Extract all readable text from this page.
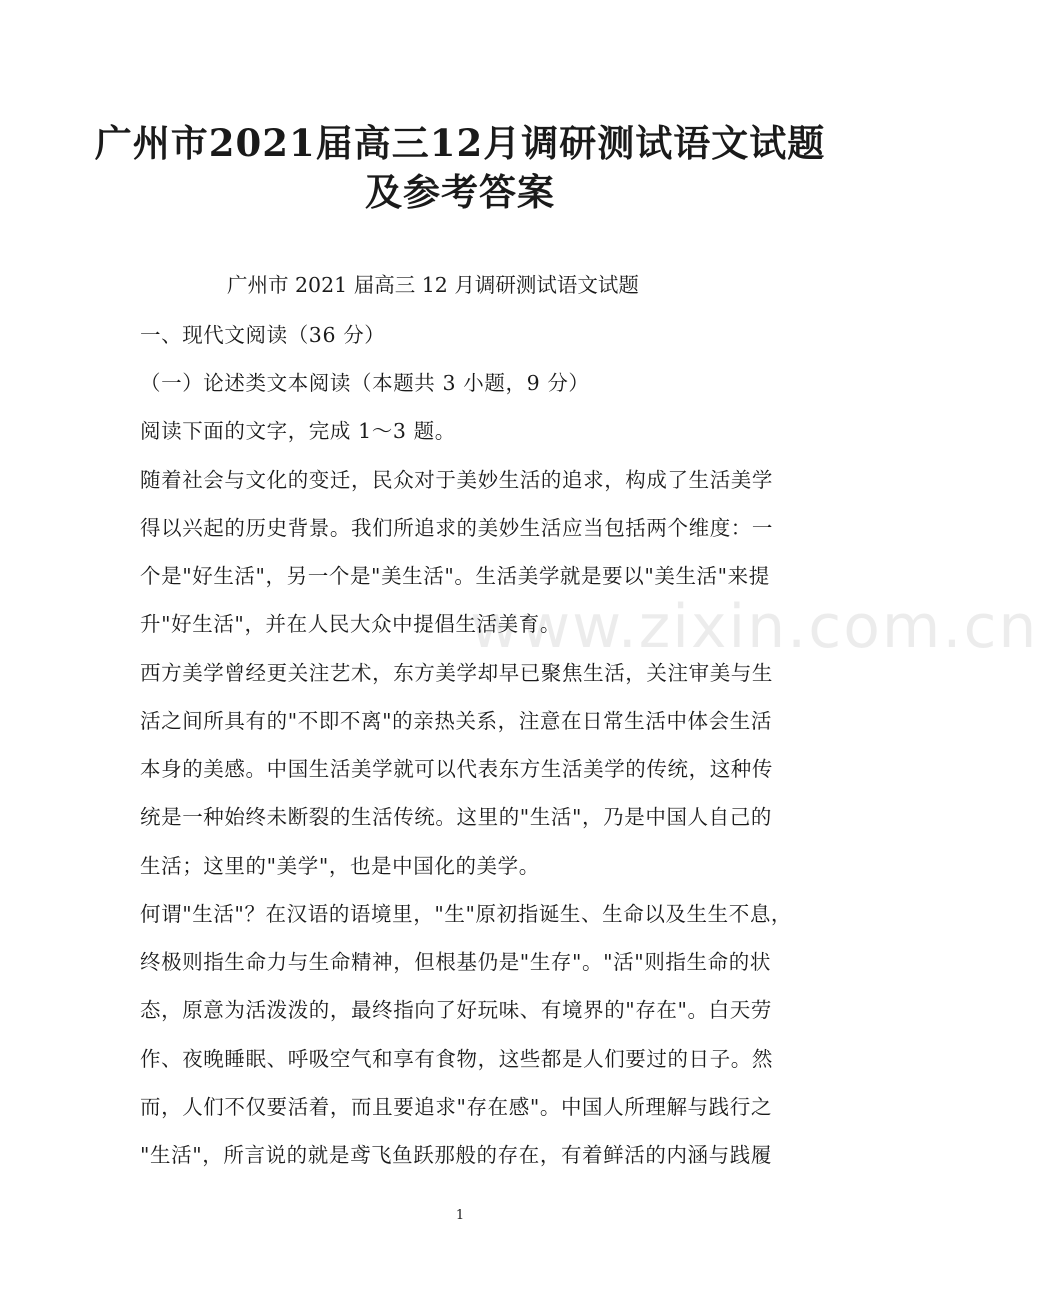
广州市2021届高三12月调研测试语文试题
及参考答案
广州市 2021 届高三 12 月调研测试语文试题
一、现代文阅读（36 分）
（一）论述类文本阅读（本题共 3 小题，9 分）
阅读下面的文字，完成 1～3 题。
随着社会与文化的变迁，民众对于美妙生活的追求，构成了生活美学
得以兴起的历史背景。我们所追求的美妙生活应当包括两个维度：一
个是"好生活"，另一个是"美生活"。生活美学就是要以"美生活"来提
升"好生活"，并在人民大众中提倡生活美育。
西方美学曾经更关注艺术，东方美学却早已聚焦生活，关注审美与生
活之间所具有的"不即不离"的亲热关系，注意在日常生活中体会生活
本身的美感。中国生活美学就可以代表东方生活美学的传统，这种传
统是一种始终未断裂的生活传统。这里的"生活"，乃是中国人自己的
生活；这里的"美学"，也是中国化的美学。
何谓"生活"？在汉语的语境里，"生"原初指诞生、生命以及生生不息，
终极则指生命力与生命精神，但根基仍是"生存"。"活"则指生命的状
态，原意为活泼泼的，最终指向了好玩味、有境界的"存在"。白天劳
作、夜晚睡眠、呼吸空气和享有食物，这些都是人们要过的日子。然
而，人们不仅要活着，而且要追求"存在感"。中国人所理解与践行之
"生活"，所言说的就是鸢飞鱼跃那般的存在，有着鲜活的内涵与践履
www.zixin.com.cn
1
